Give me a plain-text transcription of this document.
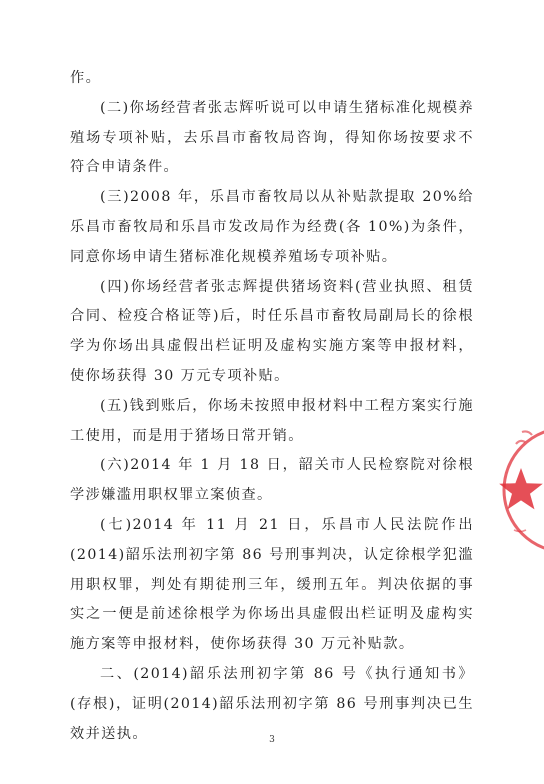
作。

(二)你场经营者张志辉听说可以申请生猪标准化规模养殖场专项补贴，去乐昌市畜牧局咨询，得知你场按要求不符合申请条件。

(三)2008 年，乐昌市畜牧局以从补贴款提取 20%给乐昌市畜牧局和乐昌市发改局作为经费(各 10%)为条件，同意你场申请生猪标准化规模养殖场专项补贴。

(四)你场经营者张志辉提供猪场资料(营业执照、租赁合同、检疫合格证等)后，时任乐昌市畜牧局副局长的徐根学为你场出具虚假出栏证明及虚构实施方案等申报材料，使你场获得 30 万元专项补贴。

(五)钱到账后，你场未按照申报材料中工程方案实行施工使用，而是用于猪场日常开销。

(六)2014 年 1 月 18 日，韶关市人民检察院对徐根学涉嫌滥用职权罪立案侦查。

(七)2014 年 11 月 21 日，乐昌市人民法院作出(2014)韶乐法刑初字第 86 号刑事判决，认定徐根学犯滥用职权罪，判处有期徒刑三年，缓刑五年。判决依据的事实之一便是前述徐根学为你场出具虚假出栏证明及虚构实施方案等申报材料，使你场获得 30 万元补贴款。

二、(2014)韶乐法刑初字第 86 号《执行通知书》(存根)，证明(2014)韶乐法刑初字第 86 号刑事判决已生效并送执。	3
